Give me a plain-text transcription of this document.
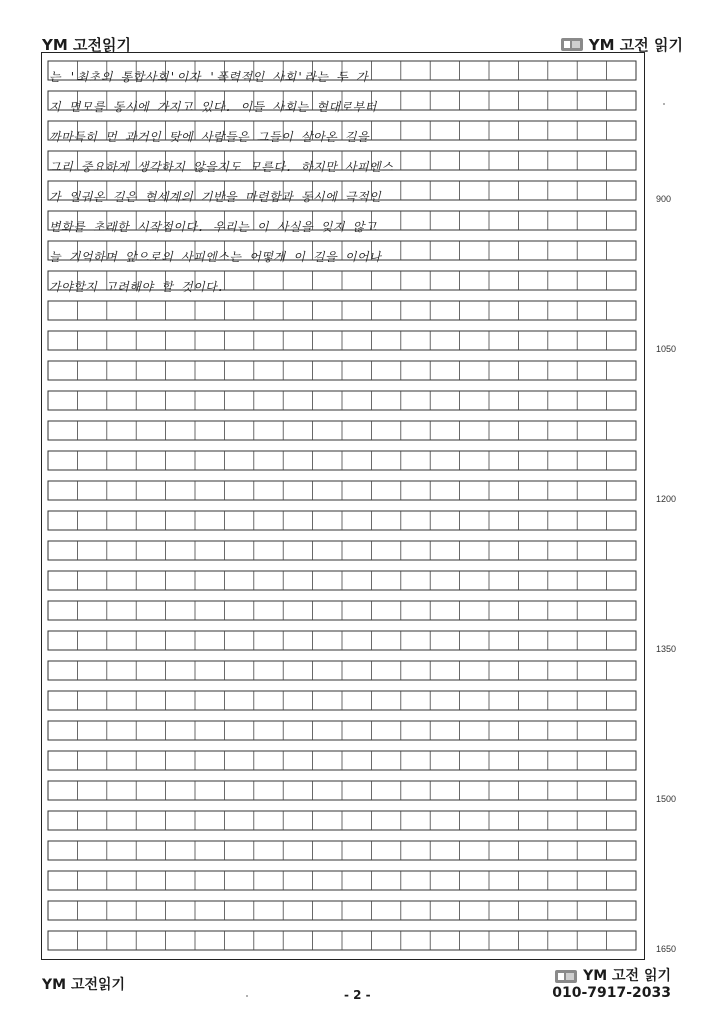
YM 고전읽기	YM 고전 읽기
는 '최초의 통합사회'이자 '폭력적인 사회'라는 두 가
지 면모를 동시에 가지고 있다. 이들 사회는 현대로부터
까마득히 먼 과거인 탓에 사람들은 그들이 살아온 길을
그리 중요하게 생각하지 않을지도 모른다. 하지만 사피엔스
가 일궈온 길은 현세계의 기반을 마련함과 동시에 극적인
변화를 초래한 시작점이다. 우리는 이 사실을 잊지 않고
늘 기억하며 앞으로의 사피엔스는 어떻게 이 길을 이어나
가야할지 고려해야 할 것이다.
900
1050
1200
1350
1500
1650
YM 고전읽기
- 2 -
YM 고전 읽기
010-7917-2033
